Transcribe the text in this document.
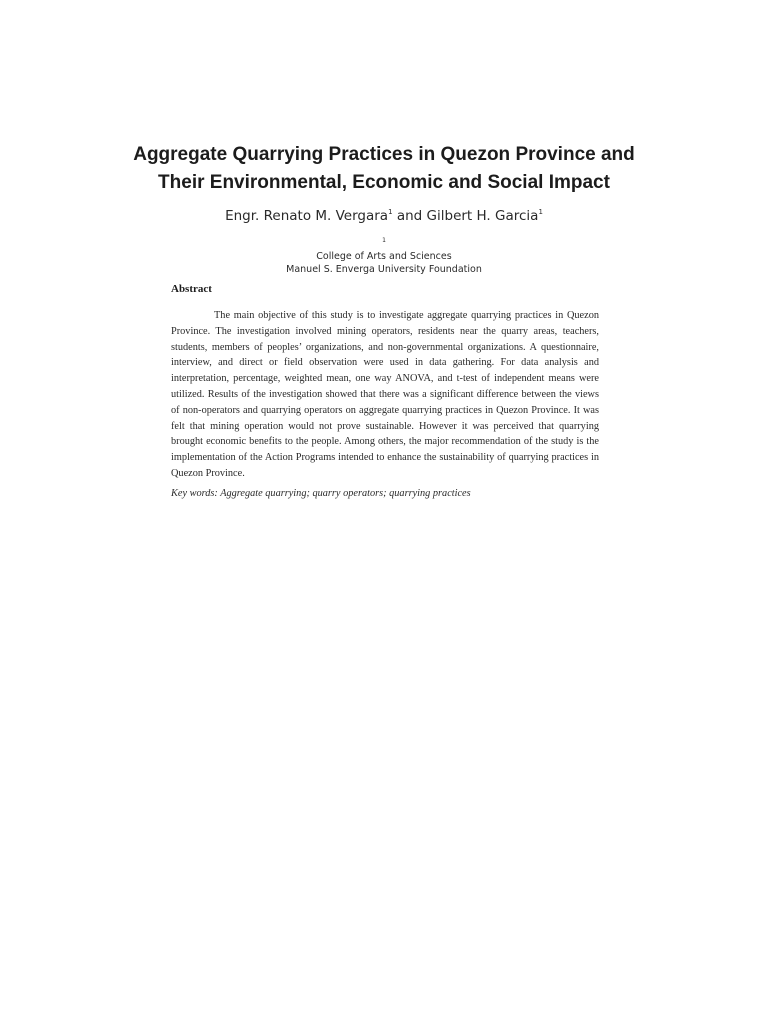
Aggregate Quarrying Practices in Quezon Province and
Their Environmental, Economic and Social Impact
Engr. Renato M. Vergara$^1$ and Gilbert H. Garcia$^1$
$^1$
College of Arts and Sciences
Manuel S. Enverga University Foundation
Abstract

The main objective of this study is to investigate aggregate quarrying practices in Quezon Province. The investigation involved mining operators, residents near the quarry areas, teachers, students, members of peoples’ organizations, and non-governmental organizations. A questionnaire, interview, and direct or field observation were used in data gathering. For data analysis and interpretation, percentage, weighted mean, one way ANOVA, and t-test of independent means were utilized. Results of the investigation showed that there was a significant difference between the views of non-operators and quarrying operators on aggregate quarrying practices in Quezon Province. It was felt that mining operation would not prove sustainable. However it was perceived that quarrying brought economic benefits to the people. Among others, the major recommendation of the study is the implementation of the Action Programs intended to enhance the sustainability of quarrying practices in Quezon Province.

Key words: Aggregate quarrying; quarry operators; quarrying practices
